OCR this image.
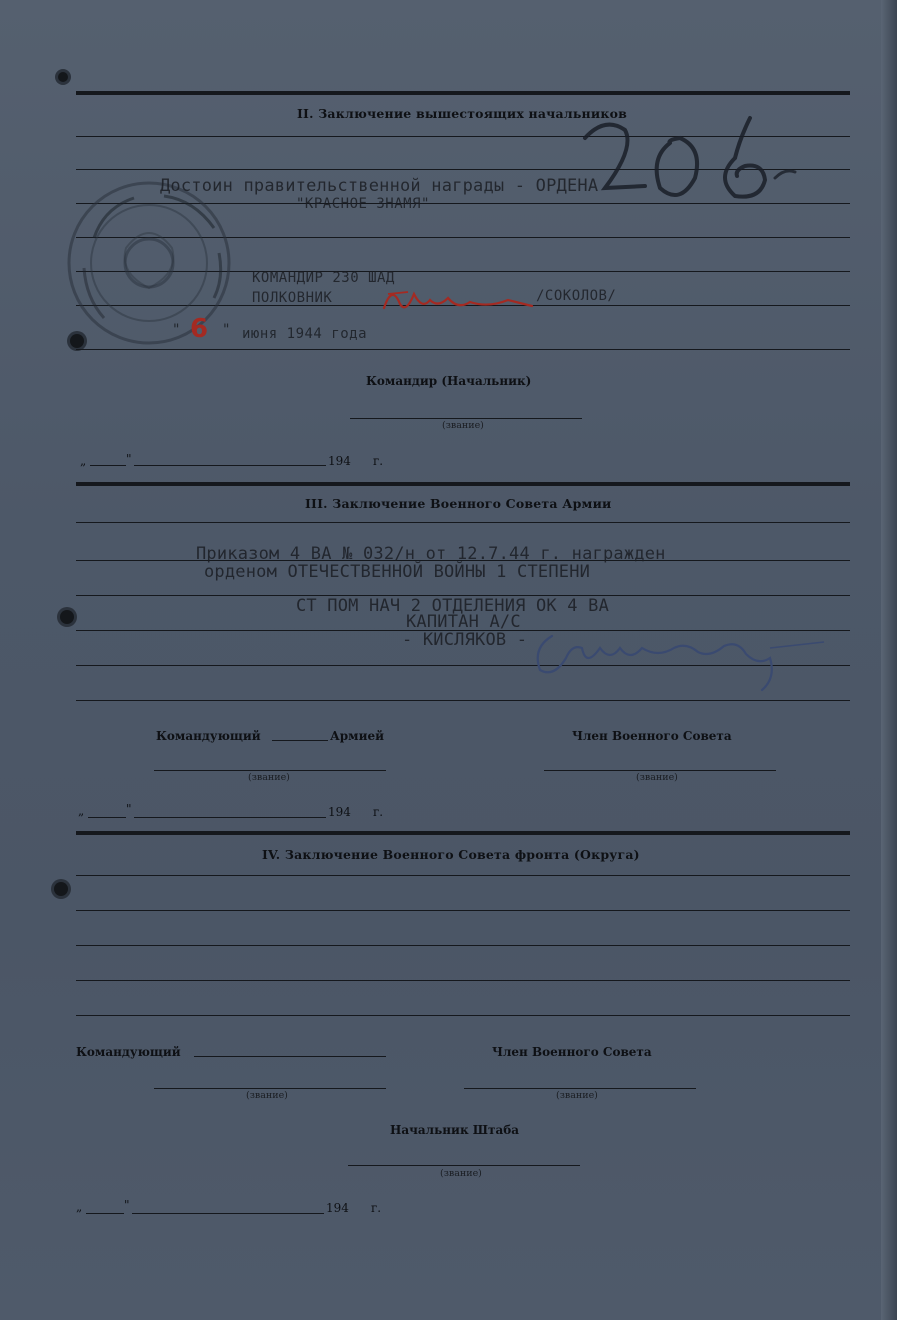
II. Заключение вышестоящих начальников
Достоин правительственной награды - ОРДЕНА
"КРАСНОЕ ЗНАМЯ"
КОМАНДИР 230 ШАД
ПОЛКОВНИК	/СОКОЛОВ/
" 6 " июня 1944 года
Командир (Начальник)
(звание)
„	"	194 г.
III. Заключение Военного Совета Армии
Приказом 4 ВА № 032/н от 12.7.44 г. награжден
орденом ОТЕЧЕСТВЕННОЙ ВОЙНЫ 1 СТЕПЕНИ
СТ ПОМ НАЧ 2 ОТДЕЛЕНИЯ ОК 4 ВА
КАПИТАН А/С
- КИСЛЯКОВ -
Командующий	Армией	Член Военного Совета
(звание)	(звание)
„	"	194 г.
IV. Заключение Военного Совета фронта (Округа)
Командующий	Член Военного Совета
(звание)	(звание)
Начальник Штаба
(звание)
„	"	194 г.
